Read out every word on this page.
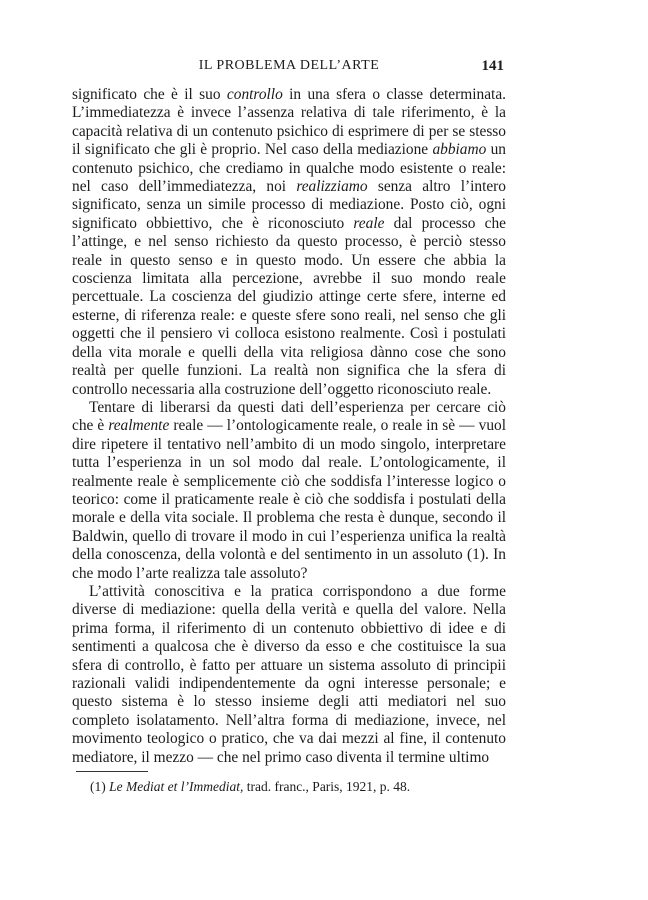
IL PROBLEMA DELL’ARTE	141

significato che è il suo controllo in una sfera o classe determinata. L’immediatezza è invece l’assenza relativa di tale riferimento, è la capacità relativa di un contenuto psichico di esprimere di per se stesso il significato che gli è proprio. Nel caso della mediazione abbiamo un contenuto psichico, che crediamo in qualche modo esistente o reale: nel caso dell’immediatezza, noi realizziamo senza altro l’intero significato, senza un simile processo di mediazione. Posto ciò, ogni significato obbiettivo, che è riconosciuto reale dal processo che l’attinge, e nel senso richiesto da questo processo, è perciò stesso reale in questo senso e in questo modo. Un essere che abbia la coscienza limitata alla percezione, avrebbe il suo mondo reale percettuale. La coscienza del giudizio attinge certe sfere, interne ed esterne, di riferenza reale: e queste sfere sono reali, nel senso che gli oggetti che il pensiero vi colloca esistono realmente. Così i postulati della vita morale e quelli della vita religiosa dànno cose che sono realtà per quelle funzioni. La realtà non significa che la sfera di controllo necessaria alla costruzione dell’oggetto riconosciuto reale.

Tentare di liberarsi da questi dati dell’esperienza per cercare ciò che è realmente reale — l’ontologicamente reale, o reale in sè — vuol dire ripetere il tentativo nell’ambito di un modo singolo, interpretare tutta l’esperienza in un sol modo dal reale. L’ontologicamente, il realmente reale è semplicemente ciò che soddisfa l’interesse logico o teorico: come il praticamente reale è ciò che soddisfa i postulati della morale e della vita sociale. Il problema che resta è dunque, secondo il Baldwin, quello di trovare il modo in cui l’esperienza unifica la realtà della conoscenza, della volontà e del sentimento in un assoluto (1). In che modo l’arte realizza tale assoluto?

L’attività conoscitiva e la pratica corrispondono a due forme diverse di mediazione: quella della verità e quella del valore. Nella prima forma, il riferimento di un contenuto obbiettivo di idee e di sentimenti a qualcosa che è diverso da esso e che costituisce la sua sfera di controllo, è fatto per attuare un sistema assoluto di principii razionali validi indipendentemente da ogni interesse personale; e questo sistema è lo stesso insieme degli atti mediatori nel suo completo isolatamento. Nell’altra forma di mediazione, invece, nel movimento teologico o pratico, che va dai mezzi al fine, il contenuto mediatore, il mezzo — che nel primo caso diventa il termine ultimo

(1) Le Mediat et l’Immediat, trad. franc., Paris, 1921, p. 48.
